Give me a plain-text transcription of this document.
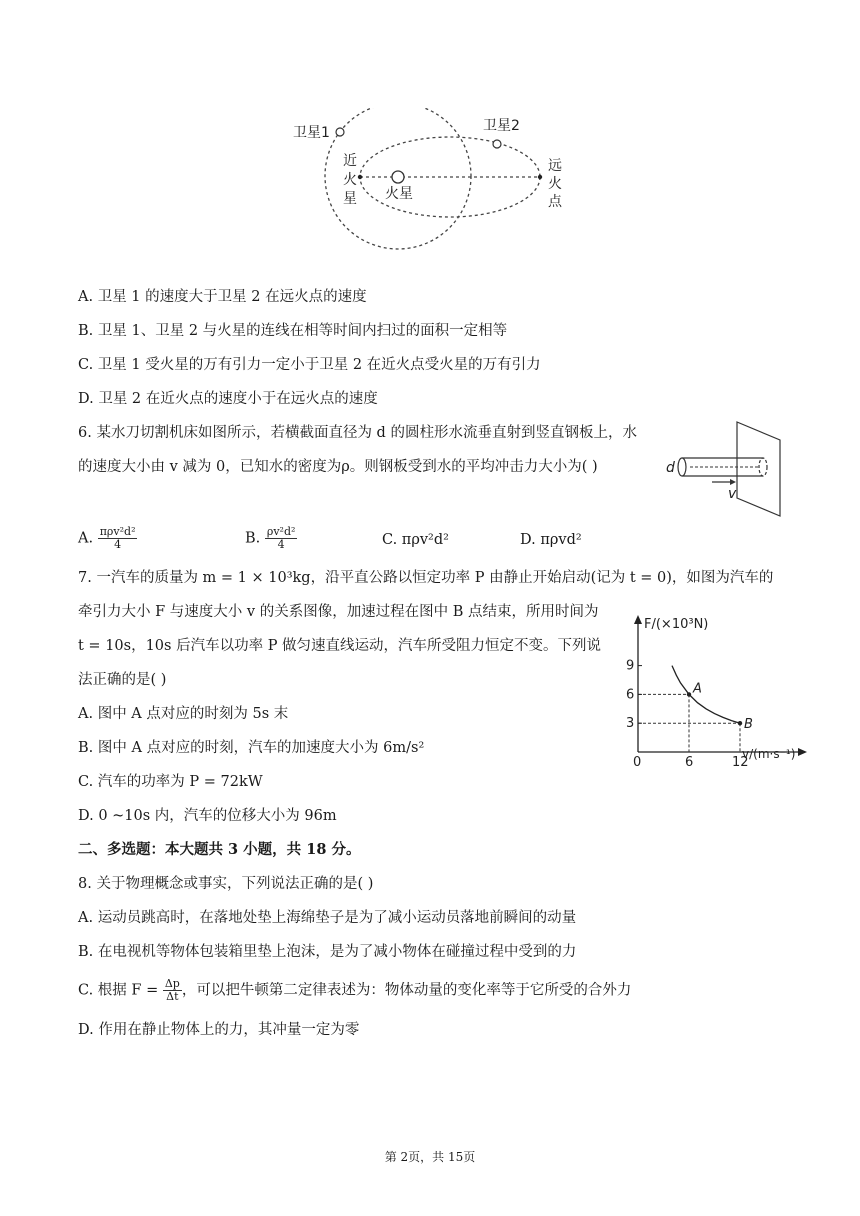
卫星1	卫星2
火星
近
火
星
远
火
点
A. 卫星 1 的速度大于卫星 2 在远火点的速度
B. 卫星 1、卫星 2 与火星的连线在相等时间内扫过的面积一定相等
C. 卫星 1 受火星的万有引力一定小于卫星 2 在近火点受火星的万有引力
D. 卫星 2 在近火点的速度小于在远火点的速度
6. 某水刀切割机床如图所示，若横截面直径为 d 的圆柱形水流垂直射到竖直钢板上，水
的速度大小由 v 减为 0，已知水的密度为ρ。则钢板受到水的平均冲击力大小为( )	d
v
A. $\frac{\text{πρv²d²}}{4}$	B. $\frac{\text{ρv²d²}}{4}$	C. πρv²d²	D. πρvd²
7. 一汽车的质量为 m = 1 × 10³kg，沿平直公路以恒定功率 P 由静止开始启动(记为 t = 0)，如图为汽车的
牵引力大小 F 与速度大小 v 的关系图像，加速过程在图中 B 点结束，所用时间为
t = 10s，10s 后汽车以功率 P 做匀速直线运动，汽车所受阻力恒定不变。下列说
法正确的是( )
A. 图中 A 点对应的时刻为 5s 末
B. 图中 A 点对应的时刻，汽车的加速度大小为 6m/s²
C. 汽车的功率为 P = 72kW
D. 0 ~10s 内，汽车的位移大小为 96m
F/(×10³N)
v/(m·s⁻¹)
0
A
B
3
6
9
6	12
二、多选题：本大题共 3 小题，共 18 分。
8. 关于物理概念或事实，下列说法正确的是( )
A. 运动员跳高时，在落地处垫上海绵垫子是为了减小运动员落地前瞬间的动量
B. 在电视机等物体包装箱里垫上泡沫，是为了减小物体在碰撞过程中受到的力
C. 根据 $F = \frac{\Delta p}{\Delta t}$ ，可以把牛顿第二定律表述为：物体动量的变化率等于它所受的合外力
D. 作用在静止物体上的力，其冲量一定为零
第 2页，共 15页
